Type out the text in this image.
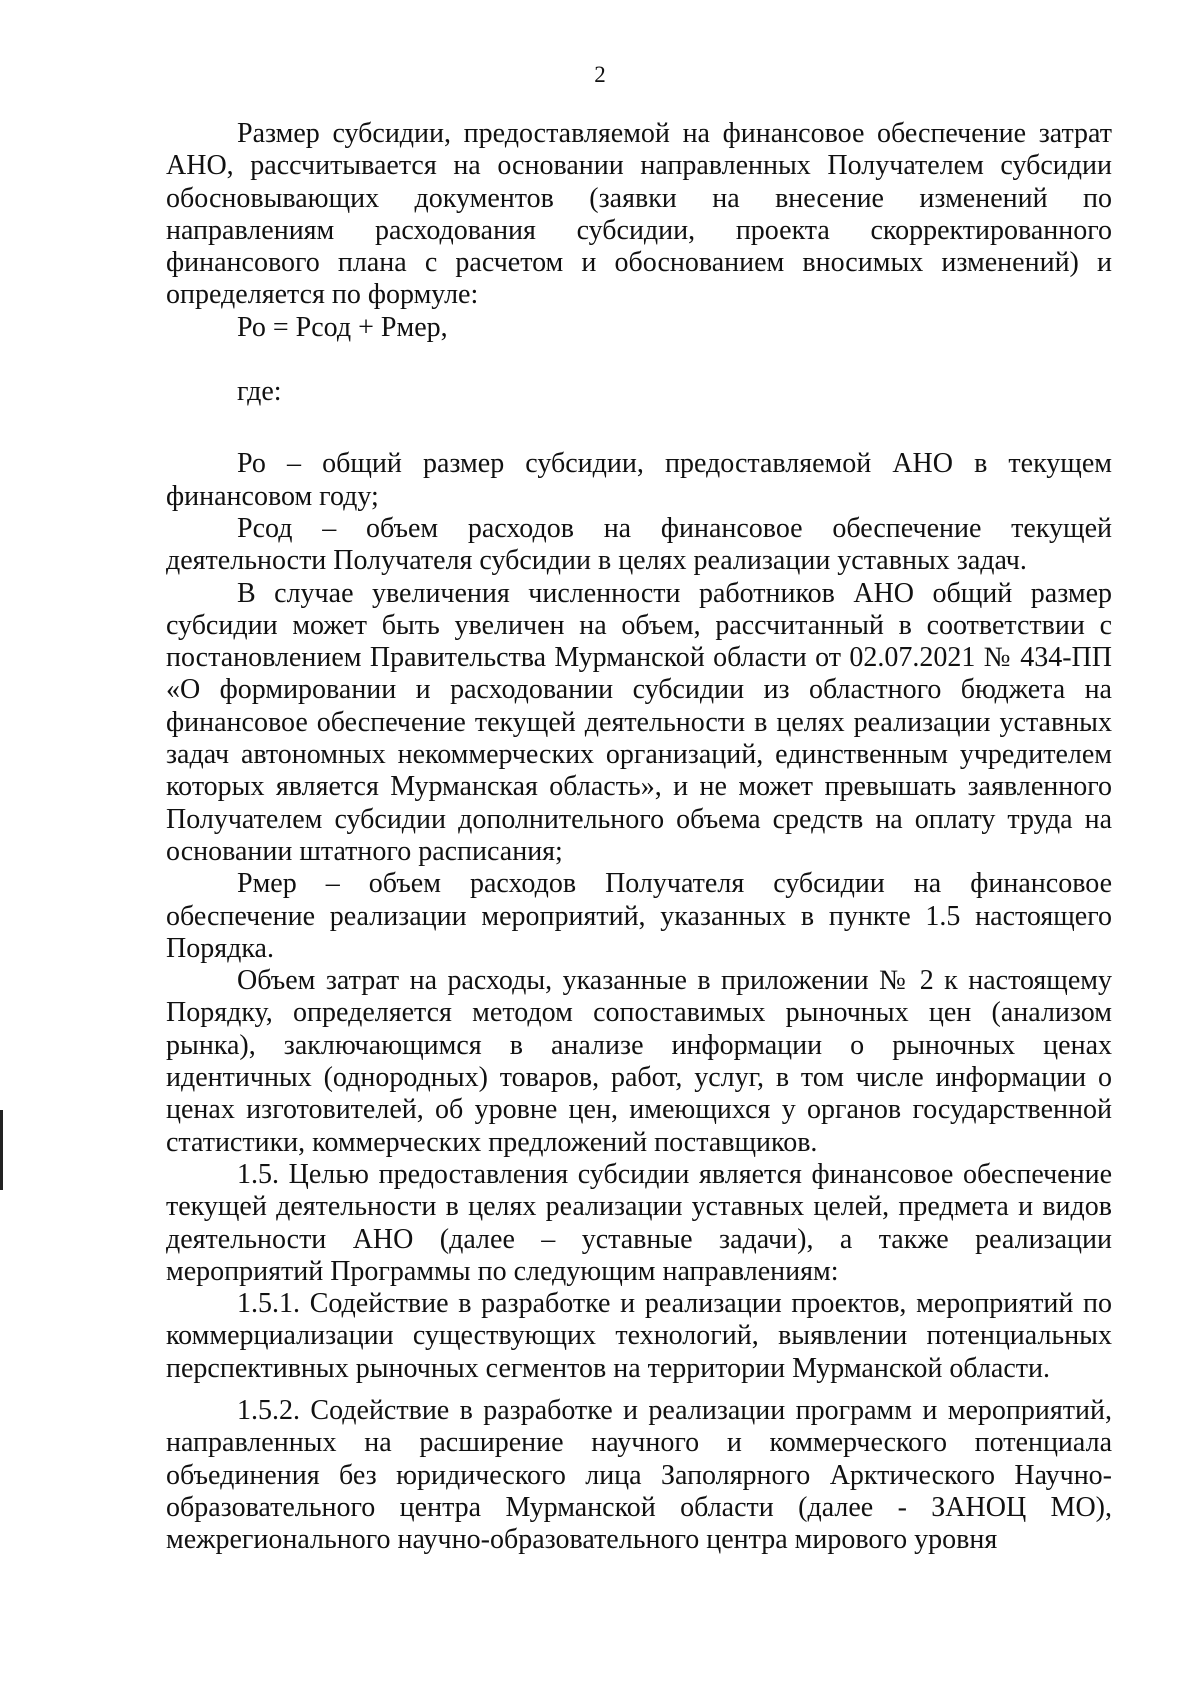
2

Размер субсидии, предоставляемой на финансовое обеспечение затрат АНО, рассчитывается на основании направленных Получателем субсидии обосновывающих документов (заявки на внесение изменений по направлениям расходования субсидии, проекта скорректированного финансового плана с расчетом и обоснованием вносимых изменений) и определяется по формуле:

Ро = Рсод + Рмер,

где:

Ро – общий размер субсидии, предоставляемой АНО в текущем финансовом году;

Рсод – объем расходов на финансовое обеспечение текущей деятельности Получателя субсидии в целях реализации уставных задач.

В случае увеличения численности работников АНО общий размер субсидии может быть увеличен на объем, рассчитанный в соответствии с постановлением Правительства Мурманской области от 02.07.2021 № 434-ПП «О формировании и расходовании субсидии из областного бюджета на финансовое обеспечение текущей деятельности в целях реализации уставных задач автономных некоммерческих организаций, единственным учредителем которых является Мурманская область», и не может превышать заявленного Получателем субсидии дополнительного объема средств на оплату труда на основании штатного расписания;

Рмер – объем расходов Получателя субсидии на финансовое обеспечение реализации мероприятий, указанных в пункте 1.5 настоящего Порядка.

Объем затрат на расходы, указанные в приложении № 2 к настоящему Порядку, определяется методом сопоставимых рыночных цен (анализом рынка), заключающимся в анализе информации о рыночных ценах идентичных (однородных) товаров, работ, услуг, в том числе информации о ценах изготовителей, об уровне цен, имеющихся у органов государственной статистики, коммерческих предложений поставщиков.

1.5. Целью предоставления субсидии является финансовое обеспечение текущей деятельности в целях реализации уставных целей, предмета и видов деятельности АНО (далее – уставные задачи), а также реализации мероприятий Программы по следующим направлениям:

1.5.1. Содействие в разработке и реализации проектов, мероприятий по коммерциализации существующих технологий, выявлении потенциальных перспективных рыночных сегментов на территории Мурманской области.

1.5.2. Содействие в разработке и реализации программ и мероприятий, направленных на расширение научного и коммерческого потенциала объединения без юридического лица Заполярного Арктического Научно-образовательного центра Мурманской области (далее - ЗАНОЦ МО), межрегионального научно-образовательного центра мирового уровня
